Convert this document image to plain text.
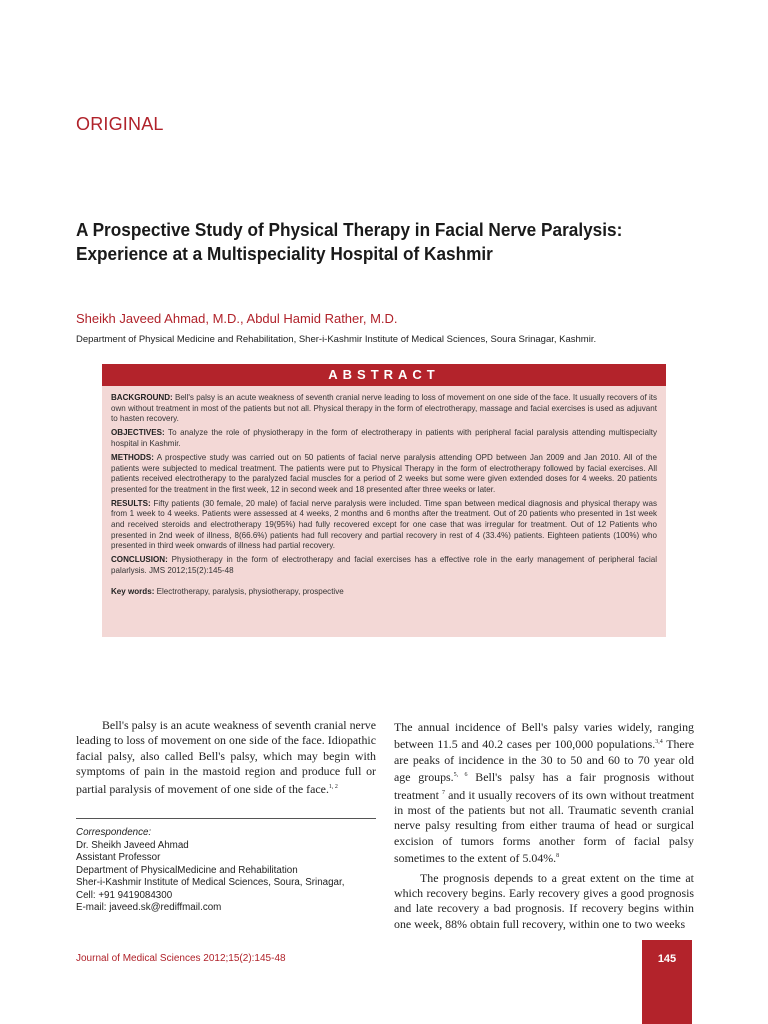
ORIGINAL
A Prospective Study of Physical Therapy in Facial Nerve Paralysis:
Experience at a Multispeciality Hospital of Kashmir
Sheikh Javeed Ahmad, M.D., Abdul Hamid Rather, M.D.
Department of Physical Medicine and Rehabilitation, Sher-i-Kashmir Institute of Medical Sciences, Soura Srinagar, Kashmir.
ABSTRACT

BACKGROUND: Bell's palsy is an acute weakness of seventh cranial nerve leading to loss of movement on one side of the face. It usually recovers of its own without treatment in most of the patients but not all. Physical therapy in the form of electrotherapy, massage and facial exercises is used as adjuvant to hasten recovery.

OBJECTIVES: To analyze the role of physiotherapy in the form of electrotherapy in patients with peripheral facial paralysis attending multispecialty hospital in Kashmir.

METHODS: A prospective study was carried out on 50 patients of facial nerve paralysis attending OPD between Jan 2009 and Jan 2010. All of the patients were subjected to medical treatment. The patients were put to Physical Therapy in the form of electrotherapy followed by facial exercises. All patients received electrotherapy to the paralyzed facial muscles for a period of 2 weeks but some were given extended doses for 4 weeks. 20 patients presented for the treatment in the first week, 12 in second week and 18 presented after three weeks or later.

RESULTS: Fifty patients (30 female, 20 male) of facial nerve paralysis were included. Time span between medical diagnosis and physical therapy was from 1 week to 4 weeks. Patients were assessed at 4 weeks, 2 months and 6 months after the treatment. Out of 20 patients who presented in 1st week and received steroids and electrotherapy 19(95%) had fully recovered except for one case that was irregular for treatment. Out of 12 Patients who presented in 2nd week of illness, 8(66.6%) patients had full recovery and partial recovery in rest of 4 (33.4%) patients. Eighteen patients (100%) who presented in third week onwards of illness had partial recovery.

CONCLUSION: Physiotherapy in the form of electrotherapy and facial exercises has a effective role in the early management of peripheral facial palarlysis. JMS 2012;15(2):145-48

Key words: Electrotherapy, paralysis, physiotherapy, prospective

Bell's palsy is an acute weakness of seventh cranial nerve leading to loss of movement on one side of the face. Idiopathic facial palsy, also called Bell's palsy, which may begin with symptoms of pain in the mastoid region and produce full or partial paralysis of movement of one side of the face.$^{1, 2}$

Correspondence:
Dr. Sheikh Javeed Ahmad
Assistant Professor
Department of PhysicalMedicine and Rehabilitation
Sher-i-Kashmir Institute of Medical Sciences, Soura, Srinagar,
Cell: +91 9419084300
E-mail: javeed.sk@rediffmail.com

The annual incidence of Bell's palsy varies widely, ranging between 11.5 and 40.2 cases per 100,000 populations.$^{3,4}$ There are peaks of incidence in the 30 to 50 and 60 to 70 year old age groups.$^{5, 6}$ Bell's palsy has a fair prognosis without treatment $^7$ and it usually recovers of its own without treatment in most of the patients but not all. Traumatic seventh cranial nerve palsy resulting from either trauma of head or surgical excision of tumors forms another form of facial palsy sometimes to the extent of 5.04%.$^8$

The prognosis depends to a great extent on the time at which recovery begins. Early recovery gives a good prognosis and late recovery a bad prognosis. If recovery begins within one week, 88% obtain full recovery, within one to two weeks

Journal of Medical Sciences 2012;15(2):145-48	145
